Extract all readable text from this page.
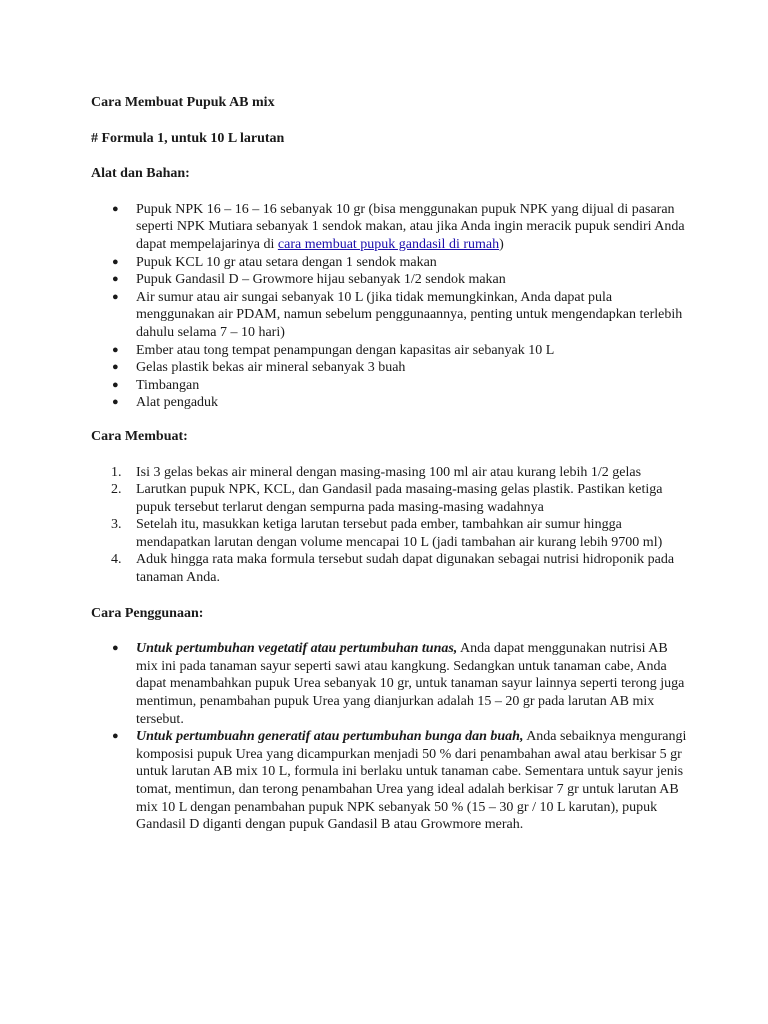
Cara Membuat Pupuk AB mix

# Formula 1, untuk 10 L larutan

Alat dan Bahan:

● Pupuk NPK 16 – 16 – 16 sebanyak 10 gr (bisa menggunakan pupuk NPK yang dijual di pasaran seperti NPK Mutiara sebanyak 1 sendok makan, atau jika Anda ingin meracik pupuk sendiri Anda dapat mempelajarinya di cara membuat pupuk gandasil di rumah)
● Pupuk KCL 10 gr atau setara dengan 1 sendok makan
● Pupuk Gandasil D – Growmore hijau sebanyak 1/2 sendok makan
● Air sumur atau air sungai sebanyak 10 L (jika tidak memungkinkan, Anda dapat pula menggunakan air PDAM, namun sebelum penggunaannya, penting untuk mengendapkan terlebih dahulu selama 7 – 10 hari)
● Ember atau tong tempat penampungan dengan kapasitas air sebanyak 10 L
● Gelas plastik bekas air mineral sebanyak 3 buah
● Timbangan
● Alat pengaduk

Cara Membuat:

1. Isi 3 gelas bekas air mineral dengan masing-masing 100 ml air atau kurang lebih 1/2 gelas
2. Larutkan pupuk NPK, KCL, dan Gandasil pada masaing-masing gelas plastik. Pastikan ketiga pupuk tersebut terlarut dengan sempurna pada masing-masing wadahnya
3. Setelah itu, masukkan ketiga larutan tersebut pada ember, tambahkan air sumur hingga mendapatkan larutan dengan volume mencapai 10 L (jadi tambahan air kurang lebih 9700 ml)
4. Aduk hingga rata maka formula tersebut sudah dapat digunakan sebagai nutrisi hidroponik pada tanaman Anda.

Cara Penggunaan:

● Untuk pertumbuhan vegetatif atau pertumbuhan tunas, Anda dapat menggunakan nutrisi AB mix ini pada tanaman sayur seperti sawi atau kangkung. Sedangkan untuk tanaman cabe, Anda dapat menambahkan pupuk Urea sebanyak 10 gr, untuk tanaman sayur lainnya seperti terong juga mentimun, penambahan pupuk Urea yang dianjurkan adalah 15 – 20 gr pada larutan AB mix tersebut.
● Untuk pertumbuahn generatif atau pertumbuhan bunga dan buah, Anda sebaiknya mengurangi komposisi pupuk Urea yang dicampurkan menjadi 50 % dari penambahan awal atau berkisar 5 gr untuk larutan AB mix 10 L, formula ini berlaku untuk tanaman cabe. Sementara untuk sayur jenis tomat, mentimun, dan terong penambahan Urea yang ideal adalah berkisar 7 gr untuk larutan AB mix 10 L dengan penambahan pupuk NPK sebanyak 50 % (15 – 30 gr / 10 L karutan), pupuk Gandasil D diganti dengan pupuk Gandasil B atau Growmore merah.
